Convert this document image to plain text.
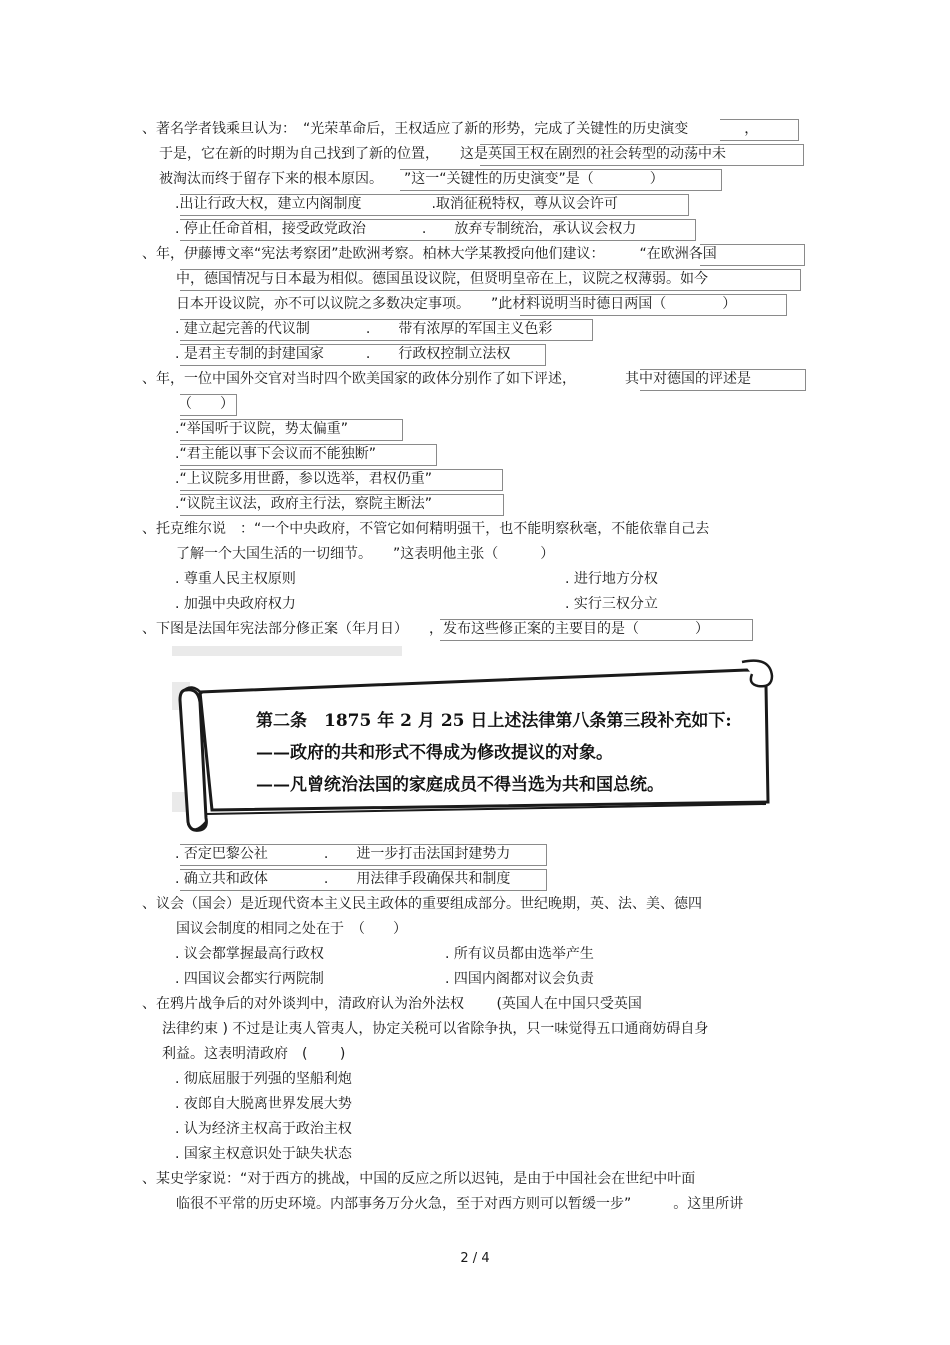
、著名学者钱乘旦认为：　“光荣革命后，王权适应了新的形势，完成了关键性的历史演变　　　　，
于是，它在新的时期为自己找到了新的位置，　　这是英国王权在剧烈的社会转型的动荡中未
被淘汰而终于留存下来的根本原因。　　”这一“关键性的历史演变”是（　　　　）
.出让行政大权，建立内阁制度　　　　　.取消征税特权，尊从议会许可
. 停止任命首相，接受政党政治　　　　.　　放弃专制统治，承认议会权力
、年，伊藤博文率“宪法考察团”赴欧洲考察。柏林大学某教授向他们建议：　　　“在欧洲各国
中，德国情况与日本最为相似。德国虽设议院，但贤明皇帝在上，议院之权薄弱。如今
日本开设议院，亦不可以议院之多数决定事项。　　”此材料说明当时德日两国（　　　　）
. 建立起完善的代议制　　　　.　　带有浓厚的军国主义色彩
. 是君主专制的封建国家　　　.　　行政权控制立法权
、年，一位中国外交官对当时四个欧美国家的政体分别作了如下评述，　　　　其中对德国的评述是
（　　）
.“举国听于议院，势太偏重”
.“君主能以事下会议而不能独断”
.“上议院多用世爵，参以选举，君权仍重”
.“议院主议法，政府主行法，察院主断法”
、托克维尔说　：“一个中央政府，不管它如何精明强干，也不能明察秋毫，不能依靠自己去
了解一个大国生活的一切细节。　　”这表明他主张（　　　）
. 尊重人民主权原则	. 进行地方分权
. 加强中央政府权力	. 实行三权分立
、下图是法国年宪法部分修正案（年月日）　　，发布这些修正案的主要目的是（　　　　）
第二条　1875 年 2 月 25 日上述法律第八条第三段补充如下:
——政府的共和形式不得成为修改提议的对象。
——凡曾统治法国的家庭成员不得当选为共和国总统。
. 否定巴黎公社　　　　.　　进一步打击法国封建势力
. 确立共和政体　　　　.　　用法律手段确保共和制度
、议会（国会）是近现代资本主义民主政体的重要组成部分。世纪晚期，英、法、美、德四
国议会制度的相同之处在于　（　　）
. 议会都掌握最高行政权	. 所有议员都由选举产生
. 四国议会都实行两院制	. 四国内阁都对议会负责
、在鸦片战争后的对外谈判中，清政府认为治外法权　　 (英国人在中国只受英国
法律约束 ) 不过是让夷人管夷人，协定关税可以省除争执，只一味觉得五口通商妨碍自身
利益。这表明清政府　(　　 )
. 彻底屈服于列强的坚船利炮
. 夜郎自大脱离世界发展大势
. 认为经济主权高于政治主权
. 国家主权意识处于缺失状态
、某史学家说：“对于西方的挑战，中国的反应之所以迟钝，是由于中国社会在世纪中叶面
临很不平常的历史环境。内部事务万分火急，至于对西方则可以暂缓一步”　　　。这里所讲
2 / 4
